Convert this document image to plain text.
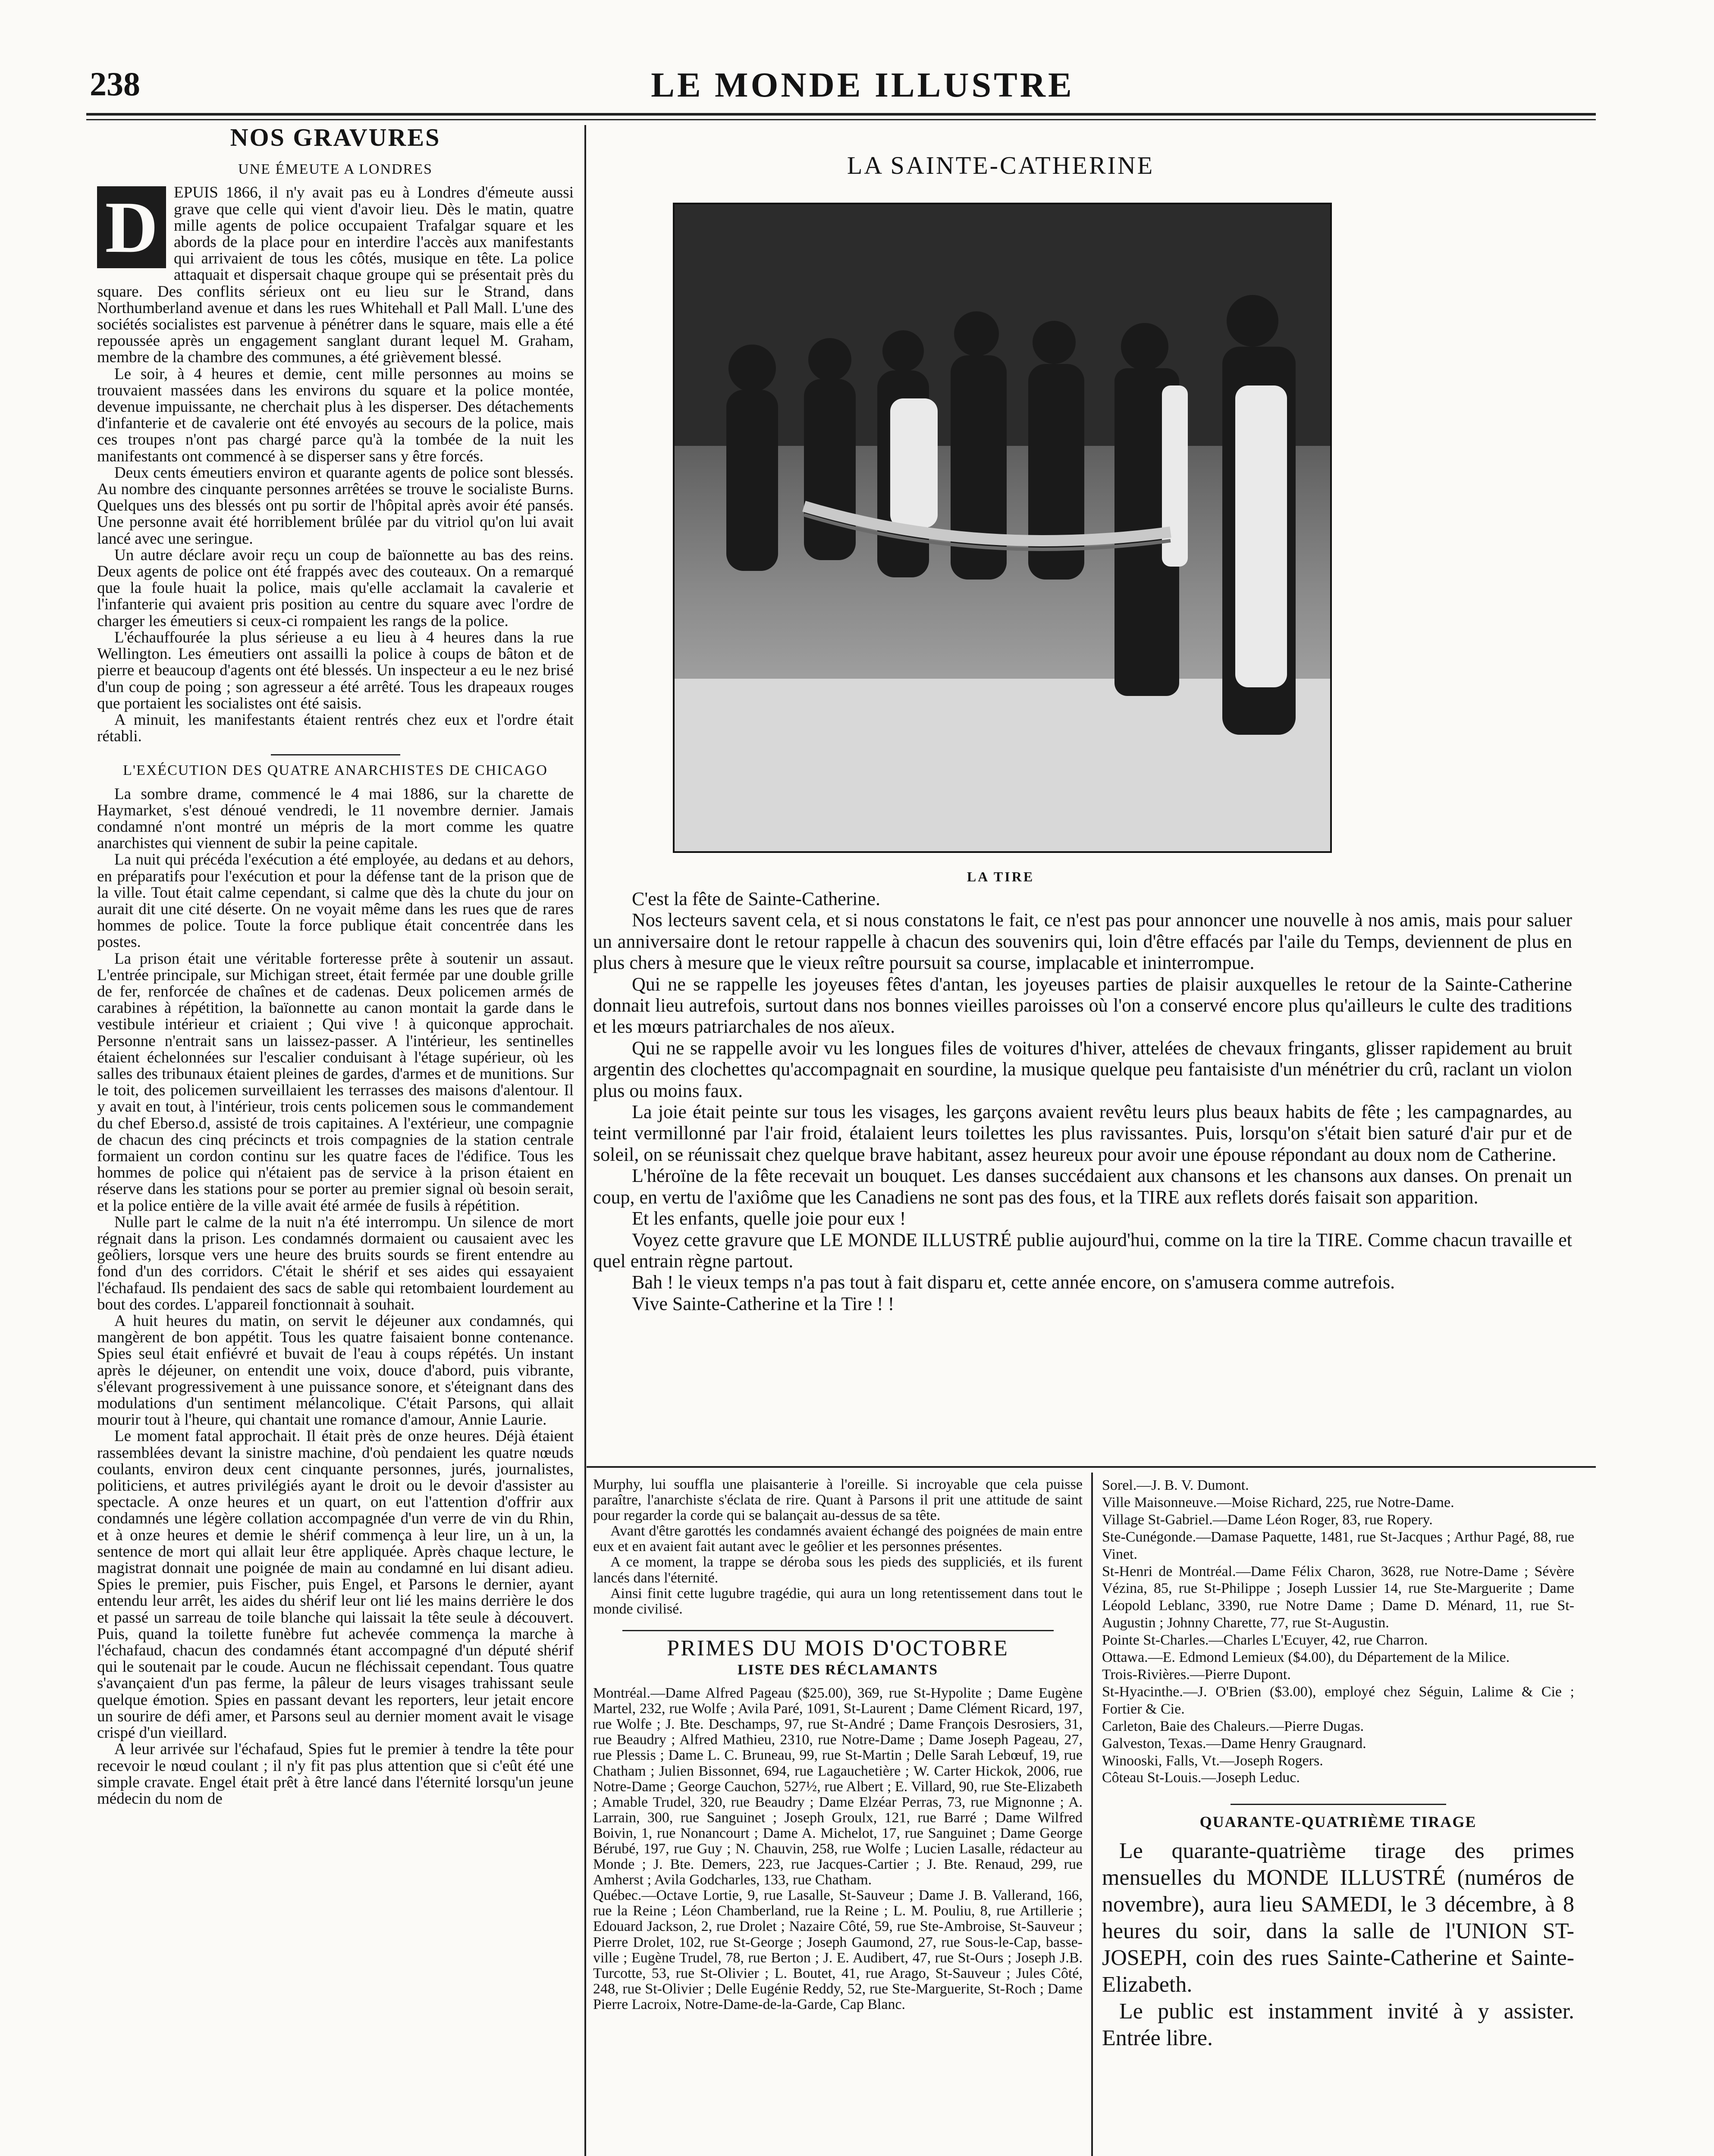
238	LE MONDE ILLUSTRE
NOS GRAVURES
UNE ÉMEUTE A LONDRES
D EPUIS 1866, il n'y avait pas eu à Londres d'émeute aussi grave que celle qui vient d'avoir lieu. Dès le matin, quatre mille agents de police occupaient Trafalgar square et les abords de la place pour en interdire l'accès aux manifestants qui arrivaient de tous les côtés, musique en tête. La police attaquait et dispersait chaque groupe qui se présentait près du square. Des conflits sérieux ont eu lieu sur le Strand, dans Northumberland avenue et dans les rues Whitehall et Pall Mall. L'une des sociétés socialistes est parvenue à pénétrer dans le square, mais elle a été repoussée après un engagement sanglant durant lequel M. Graham, membre de la chambre des communes, a été grièvement blessé.

Le soir, à 4 heures et demie, cent mille personnes au moins se trouvaient massées dans les environs du square et la police montée, devenue impuissante, ne cherchait plus à les disperser. Des détachements d'infanterie et de cavalerie ont été envoyés au secours de la police, mais ces troupes n'ont pas chargé parce qu'à la tombée de la nuit les manifestants ont commencé à se disperser sans y être forcés.

Deux cents émeutiers environ et quarante agents de police sont blessés. Au nombre des cinquante personnes arrêtées se trouve le socialiste Burns. Quelques uns des blessés ont pu sortir de l'hôpital après avoir été pansés. Une personne avait été horriblement brûlée par du vitriol qu'on lui avait lancé avec une seringue.

Un autre déclare avoir reçu un coup de baïonnette au bas des reins. Deux agents de police ont été frappés avec des couteaux. On a remarqué que la foule huait la police, mais qu'elle acclamait la cavalerie et l'infanterie qui avaient pris position au centre du square avec l'ordre de charger les émeutiers si ceux-ci rompaient les rangs de la police.

L'échauffourée la plus sérieuse a eu lieu à 4 heures dans la rue Wellington. Les émeutiers ont assailli la police à coups de bâton et de pierre et beaucoup d'agents ont été blessés. Un inspecteur a eu le nez brisé d'un coup de poing ; son agresseur a été arrêté. Tous les drapeaux rouges que portaient les socialistes ont été saisis.

A minuit, les manifestants étaient rentrés chez eux et l'ordre était rétabli.

L'EXÉCUTION DES QUATRE ANARCHISTES DE CHICAGO

La sombre drame, commencé le 4 mai 1886, sur la charette de Haymarket, s'est dénoué vendredi, le 11 novembre dernier. Jamais condamné n'ont montré un mépris de la mort comme les quatre anarchistes qui viennent de subir la peine capitale.

La nuit qui précéda l'exécution a été employée, au dedans et au dehors, en préparatifs pour l'exécution et pour la défense tant de la prison que de la ville. Tout était calme cependant, si calme que dès la chute du jour on aurait dit une cité déserte. On ne voyait même dans les rues que de rares hommes de police. Toute la force publique était concentrée dans les postes.

La prison était une véritable forteresse prête à soutenir un assaut. L'entrée principale, sur Michigan street, était fermée par une double grille de fer, renforcée de chaînes et de cadenas. Deux policemen armés de carabines à répétition, la baïonnette au canon montait la garde dans le vestibule intérieur et criaient ; Qui vive ! à quiconque approchait. Personne n'entrait sans un laissez-passer. A l'intérieur, les sentinelles étaient échelonnées sur l'escalier conduisant à l'étage supérieur, où les salles des tribunaux étaient pleines de gardes, d'armes et de munitions. Sur le toit, des policemen surveillaient les terrasses des maisons d'alentour. Il y avait en tout, à l'intérieur, trois cents policemen sous le commandement du chef Eberso.d, assisté de trois capitaines. A l'extérieur, une compagnie de chacun des cinq précincts et trois compagnies de la station centrale formaient un cordon continu sur les quatre faces de l'édifice. Tous les hommes de police qui n'étaient pas de service à la prison étaient en réserve dans les stations pour se porter au premier signal où besoin serait, et la police entière de la ville avait été armée de fusils à répétition.

Nulle part le calme de la nuit n'a été interrompu. Un silence de mort régnait dans la prison. Les condamnés dormaient ou causaient avec les geôliers, lorsque vers une heure des bruits sourds se firent entendre au fond d'un des corridors. C'était le shérif et ses aides qui essayaient l'échafaud. Ils pendaient des sacs de sable qui retombaient lourdement au bout des cordes. L'appareil fonctionnait à souhait.

A huit heures du matin, on servit le déjeuner aux condamnés, qui mangèrent de bon appétit. Tous les quatre faisaient bonne contenance. Spies seul était enfiévré et buvait de l'eau à coups répétés. Un instant après le déjeuner, on entendit une voix, douce d'abord, puis vibrante, s'élevant progressivement à une puissance sonore, et s'éteignant dans des modulations d'un sentiment mélancolique. C'était Parsons, qui allait mourir tout à l'heure, qui chantait une romance d'amour, Annie Laurie.

Le moment fatal approchait. Il était près de onze heures. Déjà étaient rassemblées devant la sinistre machine, d'où pendaient les quatre nœuds coulants, environ deux cent cinquante personnes, jurés, journalistes, politiciens, et autres privilégiés ayant le droit ou le devoir d'assister au spectacle. A onze heures et un quart, on eut l'attention d'offrir aux condamnés une légère collation accompagnée d'un verre de vin du Rhin, et à onze heures et demie le shérif commença à leur lire, un à un, la sentence de mort qui allait leur être appliquée. Après chaque lecture, le magistrat donnait une poignée de main au condamné en lui disant adieu. Spies le premier, puis Fischer, puis Engel, et Parsons le dernier, ayant entendu leur arrêt, les aides du shérif leur ont lié les mains derrière le dos et passé un sarreau de toile blanche qui laissait la tête seule à découvert. Puis, quand la toilette funèbre fut achevée commença la marche à l'échafaud, chacun des condamnés étant accompagné d'un député shérif qui le soutenait par le coude. Aucun ne fléchissait cependant. Tous quatre s'avançaient d'un pas ferme, la pâleur de leurs visages trahissant seule quelque émotion. Spies en passant devant les reporters, leur jetait encore un sourire de défi amer, et Parsons seul au dernier moment avait le visage crispé d'un vieillard.

A leur arrivée sur l'échafaud, Spies fut le premier à tendre la tête pour recevoir le nœud coulant ; il n'y fit pas plus attention que si c'eût été une simple cravate. Engel était prêt à être lancé dans l'éternité lorsqu'un jeune médecin du nom de

LA SAINTE-CATHERINE
LA TIRE

C'est la fête de Sainte-Catherine.

Nos lecteurs savent cela, et si nous constatons le fait, ce n'est pas pour annoncer une nouvelle à nos amis, mais pour saluer un anniversaire dont le retour rappelle à chacun des souvenirs qui, loin d'être effacés par l'aile du Temps, deviennent de plus en plus chers à mesure que le vieux reître poursuit sa course, implacable et ininterrompue.

Qui ne se rappelle les joyeuses fêtes d'antan, les joyeuses parties de plaisir auxquelles le retour de la Sainte-Catherine donnait lieu autrefois, surtout dans nos bonnes vieilles paroisses où l'on a conservé encore plus qu'ailleurs le culte des traditions et les mœurs patriarchales de nos aïeux.

Qui ne se rappelle avoir vu les longues files de voitures d'hiver, attelées de chevaux fringants, glisser rapidement au bruit argentin des clochettes qu'accompagnait en sourdine, la musique quelque peu fantaisiste d'un ménétrier du crû, raclant un violon plus ou moins faux.

La joie était peinte sur tous les visages, les garçons avaient revêtu leurs plus beaux habits de fête ; les campagnardes, au teint vermillonné par l'air froid, étalaient leurs toilettes les plus ravissantes. Puis, lorsqu'on s'était bien saturé d'air pur et de soleil, on se réunissait chez quelque brave habitant, assez heureux pour avoir une épouse répondant au doux nom de Catherine.

L'héroïne de la fête recevait un bouquet. Les danses succédaient aux chansons et les chansons aux danses. On prenait un coup, en vertu de l'axiôme que les Canadiens ne sont pas des fous, et la TIRE aux reflets dorés faisait son apparition.

Et les enfants, quelle joie pour eux !

Voyez cette gravure que LE MONDE ILLUSTRÉ publie aujourd'hui, comme on la tire la TIRE. Comme chacun travaille et quel entrain règne partout.

Bah ! le vieux temps n'a pas tout à fait disparu et, cette année encore, on s'amusera comme autrefois.

Vive Sainte-Catherine et la Tire ! !

Murphy, lui souffla une plaisanterie à l'oreille. Si incroyable que cela puisse paraître, l'anarchiste s'éclata de rire. Quant à Parsons il prit une attitude de saint pour regarder la corde qui se balançait au-dessus de sa tête.

Avant d'être garottés les condamnés avaient échangé des poignées de main entre eux et en avaient fait autant avec le geôlier et les personnes présentes.

A ce moment, la trappe se déroba sous les pieds des suppliciés, et ils furent lancés dans l'éternité.

Ainsi finit cette lugubre tragédie, qui aura un long retentissement dans tout le monde civilisé.

PRIMES DU MOIS D'OCTOBRE
LISTE DES RÉCLAMANTS

Montréal.—Dame Alfred Pageau ($25.00), 369, rue St-Hypolite ; Dame Eugène Martel, 232, rue Wolfe ; Avila Paré, 1091, St-Laurent ; Dame Clément Ricard, 197, rue Wolfe ; J. Bte. Deschamps, 97, rue St-André ; Dame François Desrosiers, 31, rue Beaudry ; Alfred Mathieu, 2310, rue Notre-Dame ; Dame Joseph Pageau, 27, rue Plessis ; Dame L. C. Bruneau, 99, rue St-Martin ; Delle Sarah Lebœuf, 19, rue Chatham ; Julien Bissonnet, 694, rue Lagauchetière ; W. Carter Hickok, 2006, rue Notre-Dame ; George Cauchon, 527½, rue Albert ; E. Villard, 90, rue Ste-Elizabeth ; Amable Trudel, 320, rue Beaudry ; Dame Elzéar Perras, 73, rue Mignonne ; A. Larrain, 300, rue Sanguinet ; Joseph Groulx, 121, rue Barré ; Dame Wilfred Boivin, 1, rue Nonancourt ; Dame A. Michelot, 17, rue Sanguinet ; Dame George Bérubé, 197, rue Guy ; N. Chauvin, 258, rue Wolfe ; Lucien Lasalle, rédacteur au Monde ; J. Bte. Demers, 223, rue Jacques-Cartier ; J. Bte. Renaud, 299, rue Amherst ; Avila Godcharles, 133, rue Chatham.

Québec.—Octave Lortie, 9, rue Lasalle, St-Sauveur ; Dame J. B. Vallerand, 166, rue la Reine ; Léon Chamberland, rue la Reine ; L. M. Pouliu, 8, rue Artillerie ; Edouard Jackson, 2, rue Drolet ; Nazaire Côté, 59, rue Ste-Ambroise, St-Sauveur ; Pierre Drolet, 102, rue St-George ; Joseph Gaumond, 27, rue Sous-le-Cap, basse-ville ; Eugène Trudel, 78, rue Berton ; J. E. Audibert, 47, rue St-Ours ; Joseph J.B. Turcotte, 53, rue St-Olivier ; L. Boutet, 41, rue Arago, St-Sauveur ; Jules Côté, 248, rue St-Olivier ; Delle Eugénie Reddy, 52, rue Ste-Marguerite, St-Roch ; Dame Pierre Lacroix, Notre-Dame-de-la-Garde, Cap Blanc.

Sorel.—J. B. V. Dumont.

Ville Maisonneuve.—Moise Richard, 225, rue Notre-Dame.

Village St-Gabriel.—Dame Léon Roger, 83, rue Ropery.

Ste-Cunégonde.—Damase Paquette, 1481, rue St-Jacques ; Arthur Pagé, 88, rue Vinet.

St-Henri de Montréal.—Dame Félix Charon, 3628, rue Notre-Dame ; Sévère Vézina, 85, rue St-Philippe ; Joseph Lussier 14, rue Ste-Marguerite ; Dame Léopold Leblanc, 3390, rue Notre Dame ; Dame D. Ménard, 11, rue St-Augustin ; Johnny Charette, 77, rue St-Augustin.

Pointe St-Charles.—Charles L'Ecuyer, 42, rue Charron.

Ottawa.—E. Edmond Lemieux ($4.00), du Département de la Milice.

Trois-Rivières.—Pierre Dupont.

St-Hyacinthe.—J. O'Brien ($3.00), employé chez Séguin, Lalime & Cie ; Fortier & Cie.

Carleton, Baie des Chaleurs.—Pierre Dugas.

Galveston, Texas.—Dame Henry Graugnard.

Winooski, Falls, Vt.—Joseph Rogers.

Côteau St-Louis.—Joseph Leduc.

QUARANTE-QUATRIÈME TIRAGE

Le quarante-quatrième tirage des primes mensuelles du MONDE ILLUSTRÉ (numéros de novembre), aura lieu SAMEDI, le 3 décembre, à 8 heures du soir, dans la salle de l'UNION ST-JOSEPH, coin des rues Sainte-Catherine et Sainte-Elizabeth.

Le public est instamment invité à y assister. Entrée libre.
